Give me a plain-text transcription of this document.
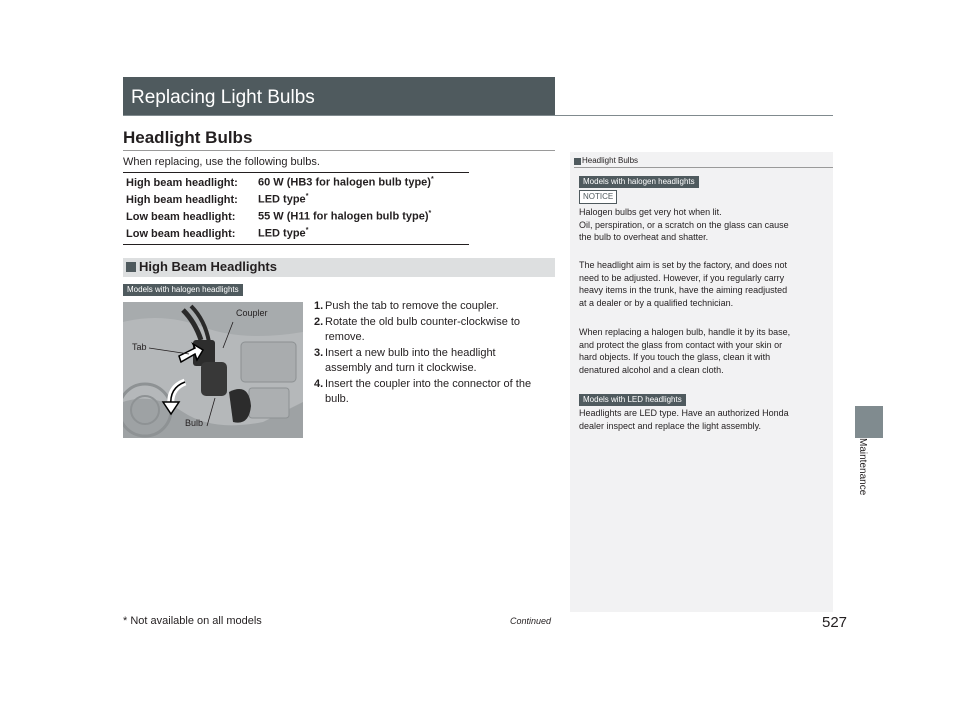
Replacing Light Bulbs
Headlight Bulbs
When replacing, use the following bulbs.
High beam headlight: 60 W (HB3 for halogen bulb type)*
High beam headlight: LED type*
Low beam headlight: 55 W (H11 for halogen bulb type)*
Low beam headlight: LED type*
High Beam Headlights
Models with halogen headlights
Coupler
Tab
Bulb
1. Push the tab to remove the coupler.
2. Rotate the old bulb counter-clockwise to
remove.
3. Insert a new bulb into the headlight
assembly and turn it clockwise.
4. Insert the coupler into the connector of the
bulb.
Headlight Bulbs
Models with halogen headlights
NOTICE
Halogen bulbs get very hot when lit.
Oil, perspiration, or a scratch on the glass can cause
the bulb to overheat and shatter.
The headlight aim is set by the factory, and does not
need to be adjusted. However, if you regularly carry
heavy items in the trunk, have the aiming readjusted
at a dealer or by a qualified technician.
When replacing a halogen bulb, handle it by its base,
and protect the glass from contact with your skin or
hard objects. If you touch the glass, clean it with
denatured alcohol and a clean cloth.
Models with LED headlights
Headlights are LED type. Have an authorized Honda
dealer inspect and replace the light assembly.
Maintenance
* Not available on all models	Continued	527
